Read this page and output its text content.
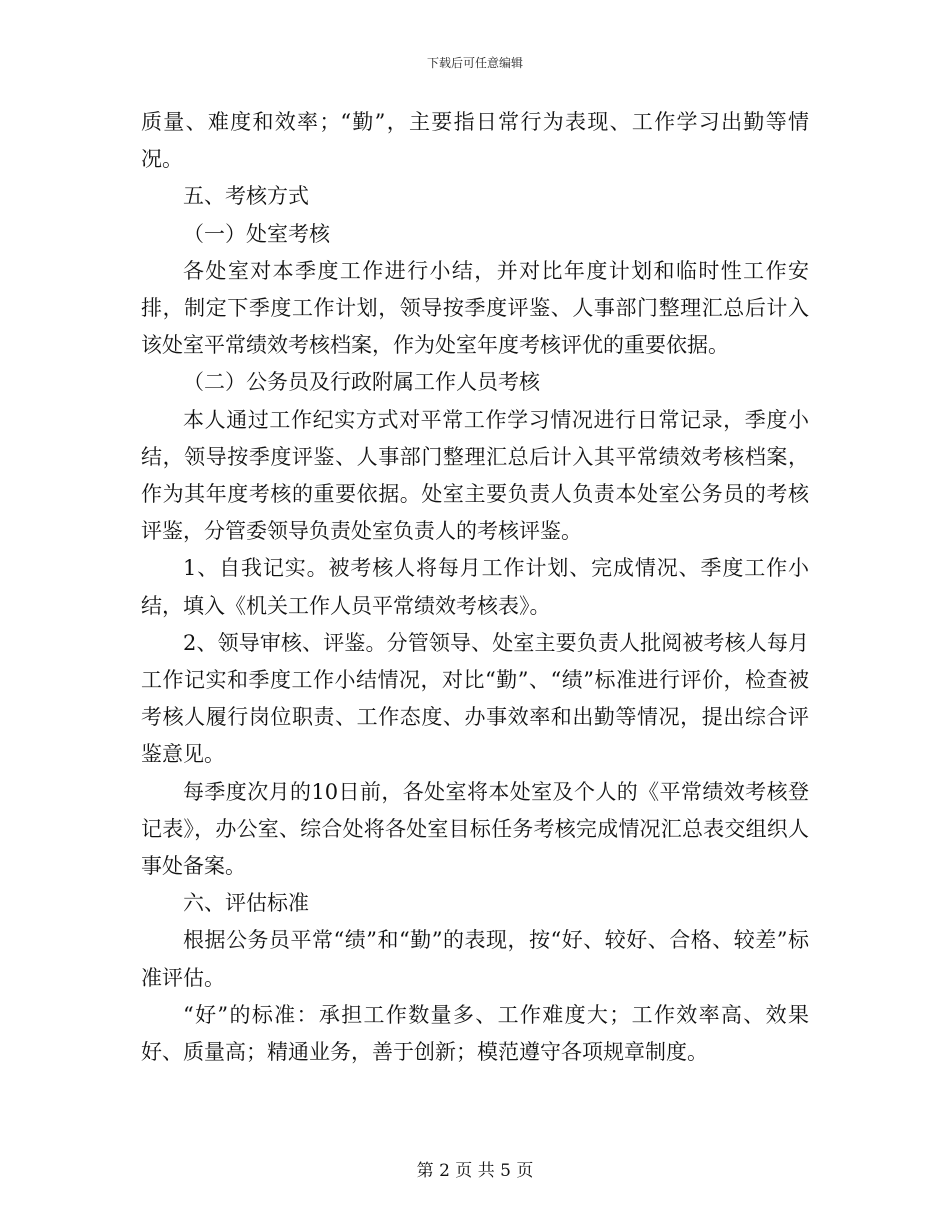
下载后可任意编辑

质量、难度和效率；“勤”，主要指日常行为表现、工作学习出勤等情况。

五、考核方式

（一）处室考核

各处室对本季度工作进行小结，并对比年度计划和临时性工作安排，制定下季度工作计划，领导按季度评鉴、人事部门整理汇总后计入该处室平常绩效考核档案，作为处室年度考核评优的重要依据。

（二）公务员及行政附属工作人员考核

本人通过工作纪实方式对平常工作学习情况进行日常记录，季度小结，领导按季度评鉴、人事部门整理汇总后计入其平常绩效考核档案，作为其年度考核的重要依据。处室主要负责人负责本处室公务员的考核评鉴，分管委领导负责处室负责人的考核评鉴。

1、自我记实。被考核人将每月工作计划、完成情况、季度工作小结，填入《机关工作人员平常绩效考核表》。

2、领导审核、评鉴。分管领导、处室主要负责人批阅被考核人每月工作记实和季度工作小结情况，对比“勤”、“绩”标准进行评价，检查被考核人履行岗位职责、工作态度、办事效率和出勤等情况，提出综合评鉴意见。

每季度次月的10日前，各处室将本处室及个人的《平常绩效考核登记表》，办公室、综合处将各处室目标任务考核完成情况汇总表交组织人事处备案。

六、评估标准

根据公务员平常“绩”和“勤”的表现，按“好、较好、合格、较差”标准评估。

“好”的标准：承担工作数量多、工作难度大；工作效率高、效果好、质量高；精通业务，善于创新；模范遵守各项规章制度。

第 2 页 共 5 页
